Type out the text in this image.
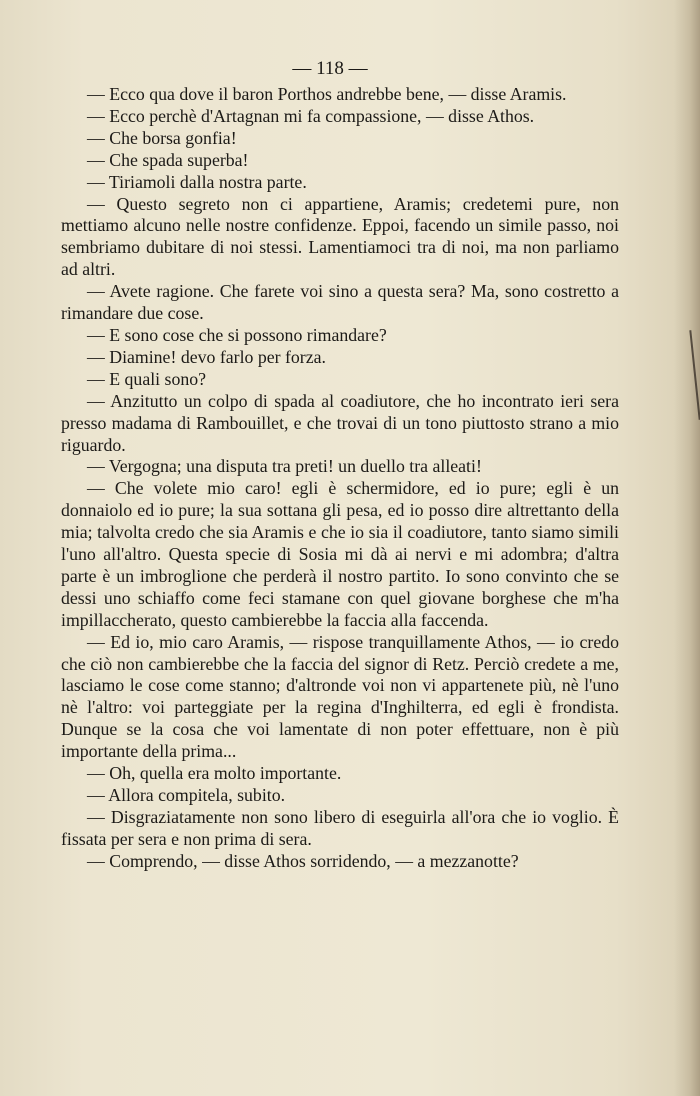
— 118 —

— Ecco qua dove il baron Porthos andrebbe bene, — disse Aramis.

— Ecco perchè d'Artagnan mi fa compassione, — disse Athos.

— Che borsa gonfia!

— Che spada superba!

— Tiriamoli dalla nostra parte.

— Questo segreto non ci appartiene, Aramis; credetemi pure, non mettiamo alcuno nelle nostre confidenze. Eppoi, facendo un simile passo, noi sembriamo dubitare di noi stessi. Lamentiamoci tra di noi, ma non parliamo ad altri.

— Avete ragione. Che farete voi sino a questa sera? Ma, sono costretto a rimandare due cose.

— E sono cose che si possono rimandare?

— Diamine! devo farlo per forza.

— E quali sono?

— Anzitutto un colpo di spada al coadiutore, che ho incontrato ieri sera presso madama di Rambouillet, e che trovai di un tono piuttosto strano a mio riguardo.

— Vergogna; una disputa tra preti! un duello tra alleati!

— Che volete mio caro! egli è schermidore, ed io pure; egli è un donnaiolo ed io pure; la sua sottana gli pesa, ed io posso dire altrettanto della mia; talvolta credo che sia Aramis e che io sia il coadiutore, tanto siamo simili l'uno all'altro. Questa specie di Sosia mi dà ai nervi e mi adombra; d'altra parte è un imbroglione che perderà il nostro partito. Io sono convinto che se dessi uno schiaffo come feci stamane con quel giovane borghese che m'ha impillaccherato, questo cambierebbe la faccia alla faccenda.

— Ed io, mio caro Aramis, — rispose tranquillamente Athos, — io credo che ciò non cambierebbe che la faccia del signor di Retz. Perciò credete a me, lasciamo le cose come stanno; d'altronde voi non vi appartenete più, nè l'uno nè l'altro: voi parteggiate per la regina d'Inghilterra, ed egli è frondista. Dunque se la cosa che voi lamentate di non poter effettuare, non è più importante della prima...

— Oh, quella era molto importante.

— Allora compitela, subito.

— Disgraziatamente non sono libero di eseguirla all'ora che io voglio. È fissata per sera e non prima di sera.

— Comprendo, — disse Athos sorridendo, — a mezzanotte?
